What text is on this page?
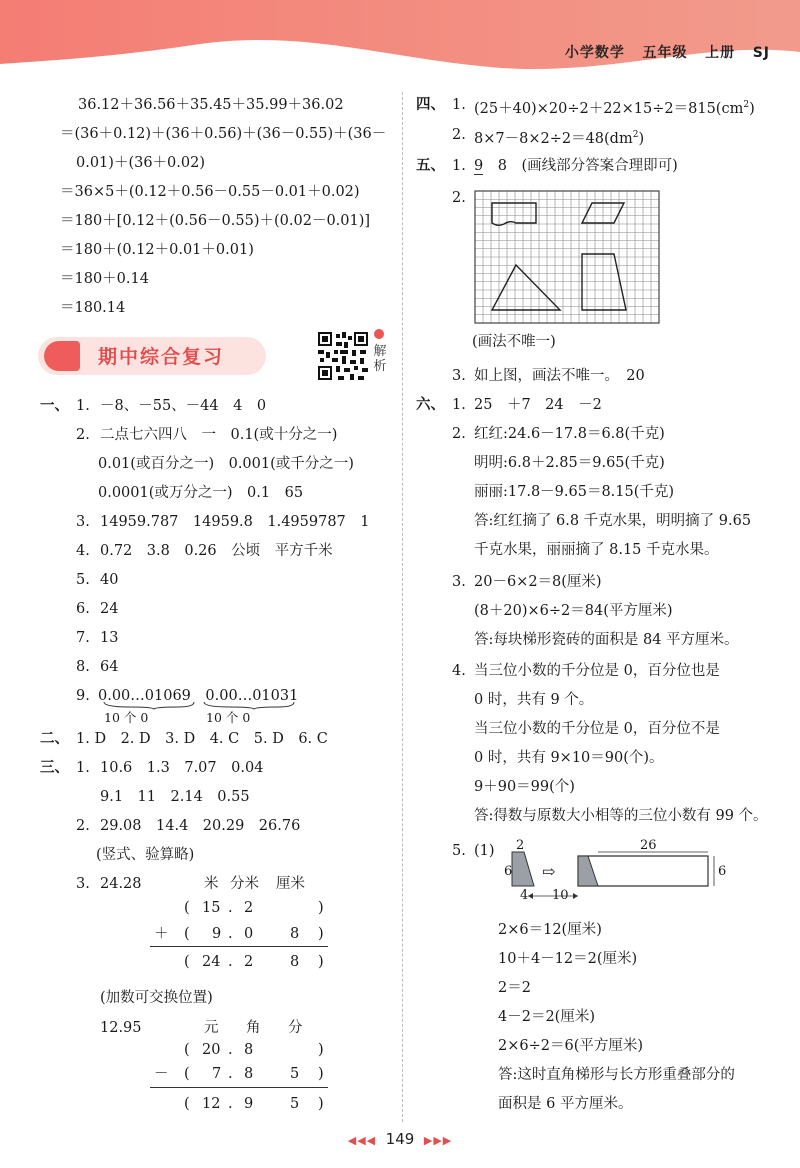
小学数学 五年级 上册 SJ
36.12＋36.56＋35.45＋35.99＋36.02
＝(36＋0.12)＋(36＋0.56)＋(36－0.55)＋(36－
0.01)＋(36＋0.02)
＝36×5＋(0.12＋0.56－0.55－0.01＋0.02)
＝180＋[0.12＋(0.56－0.55)＋(0.02－0.01)]
＝180＋(0.12＋0.01＋0.01)
＝180＋0.14
＝180.14
期中综合复习	解析
一、 1. －8、－55、－44　4　0
2. 二点七六四八　一　0.1(或十分之一)
0.01(或百分之一)　0.001(或千分之一)
0.0001(或万分之一)　0.1　65
3. 14959.787　14959.8　1.4959787　1
4. 0.72　3.8　0.26　公顷　平方千米
5. 40
6. 24
7. 13
8. 64
9. 0.00…01069　0.00…01031
10 个 0	10 个 0
二、 1. D　2. D　3. D　4. C　5. D　6. C
三、 1. 10.6　1.3　7.07　0.04
9.1　11　2.14　0.55
2. 29.08　14.4　20.29　26.76
(竖式、验算略)
3. 24.28	米 分米 厘米
( 15 . 2	)
＋ ( 9 . 0	8 )
( 24 . 2	8 )
(加数可交换位置)
12.95	元 角 分
( 20 . 8	)
－ ( 7 . 8	5 )
( 12 . 9	5 )
四、 1. $(25+40)\times 20\div 2+22\times 15\div 2=815(cm^2)$
2. $8\times 7-8\times 2\div 2=48(dm^2)$
五、 1. 9　 8　 (画线部分答案合理即可)
2.
(画法不唯一)
3. 如上图，画法不唯一。　20
六、 1. 25　＋7　24　－2
2. 红红:24.6－17.8＝6.8(千克)
明明:6.8＋2.85＝9.65(千克)
丽丽:17.8－9.65＝8.15(千克)
答:红红摘了 6.8 千克水果，明明摘了 9.65
千克水果，丽丽摘了 8.15 千克水果。
3. 20－6×2＝8(厘米)
(8＋20)×6÷2＝84(平方厘米)
答:每块梯形瓷砖的面积是 84 平方厘米。
4. 当三位小数的千分位是 0，百分位也是
0 时，共有 9 个。
当三位小数的千分位是 0，百分位不是
0 时，共有 9×10＝90(个)。
9＋90＝99(个)
答:得数与原数大小相等的三位小数有 99 个。
5. (1) 2
6
4
⇨
10
26
6
2×6＝12(厘米)
10＋4－12＝2(厘米)
2＝2
4－2＝2(厘米)
2×6÷2＝6(平方厘米)
答:这时直角梯形与长方形重叠部分的
面积是 6 平方厘米。
◀◀◀ 149 ▶▶▶
